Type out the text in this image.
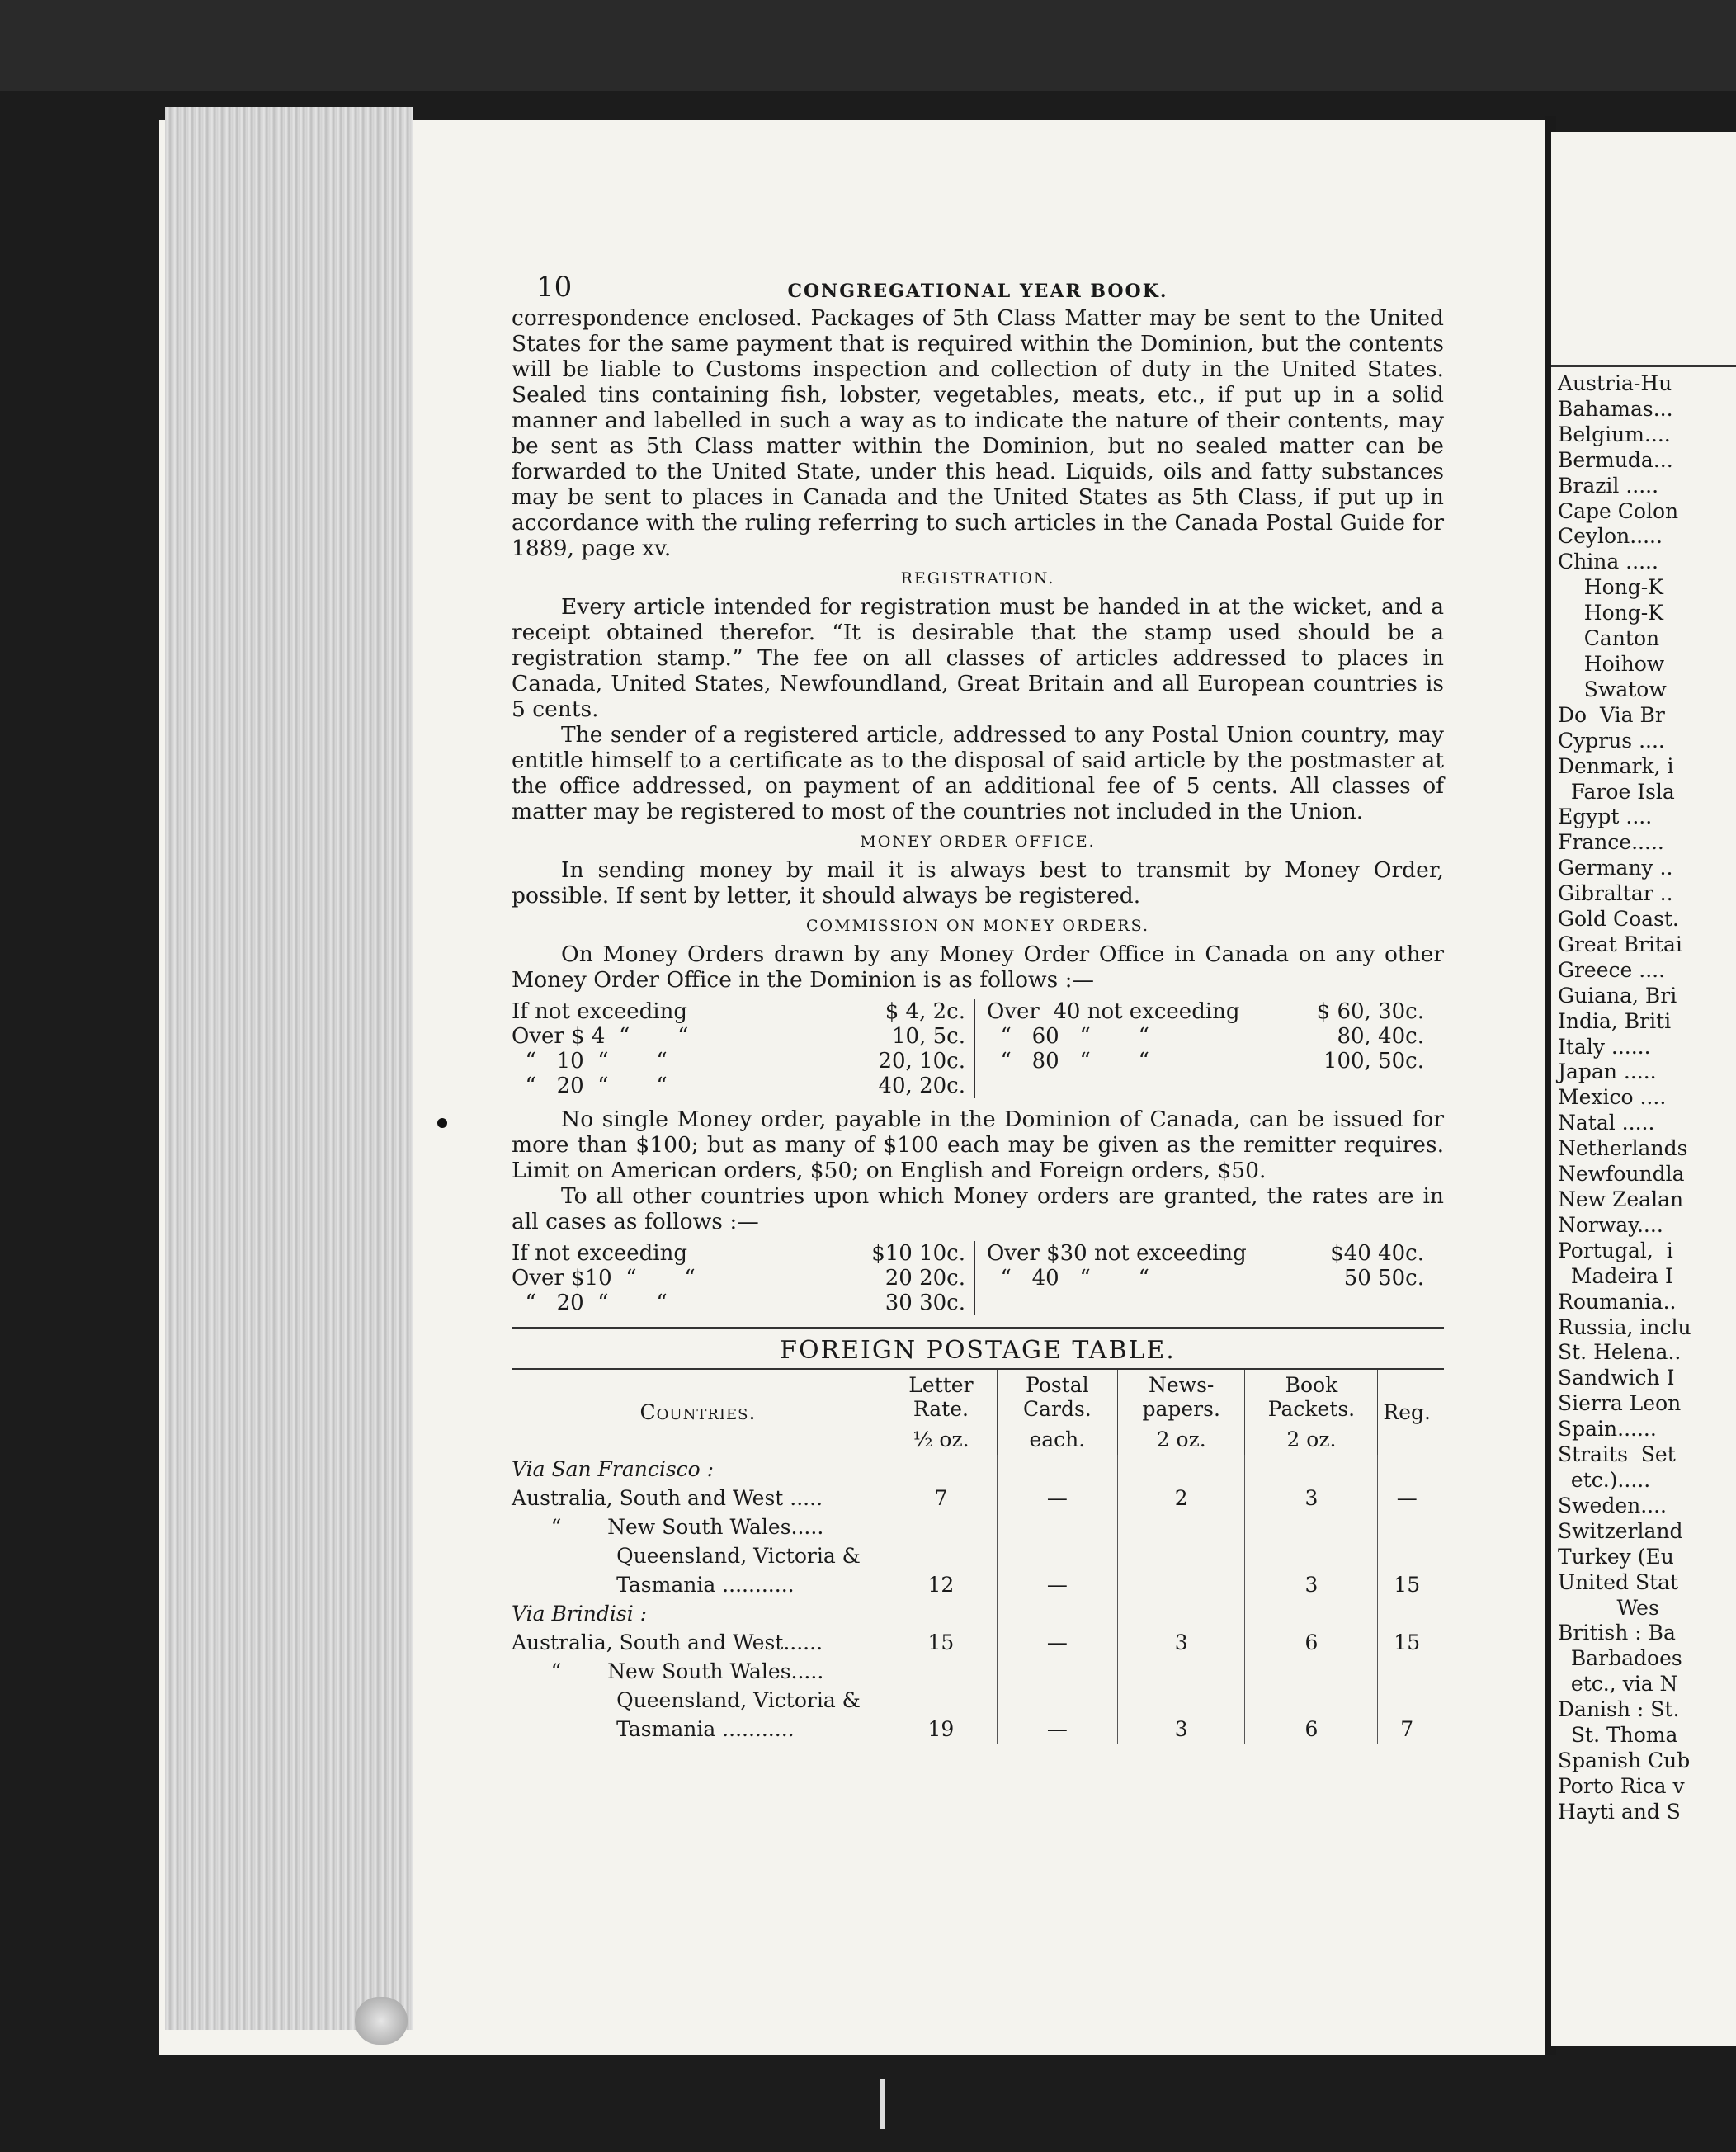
Austria-Hu
Bahamas...
Belgium....
Bermuda...
Brazil .....
Cape Colon
Ceylon.....
China .....
Hong-K
Hong-K
Canton
Hoihow
Swatow
Do  Via Br
Cyprus ....
Denmark, i
Faroe Isla
Egypt ....
France.....
Germany ..
Gibraltar ..
Gold Coast.
Great Britai
Greece ....
Guiana, Bri
India, Briti
Italy ......
Japan .....
Mexico ....
Natal .....
Netherlands
Newfoundla
New Zealan
Norway....
Portugal,  i
Madeira I
Roumania..
Russia, inclu
St. Helena..
Sandwich I
Sierra Leon
Spain......
Straits  Set
etc.).....
Sweden....
Switzerland
Turkey (Eu
United Stat
Wes
British : Ba
Barbadoes
etc., via N
Danish : St.
St. Thoma
Spanish Cub
Porto Rica v
Hayti and S
10	CONGREGATIONAL YEAR BOOK.

correspondence enclosed. Packages of 5th Class Matter may be sent to the United States for the same payment that is required within the Dominion, but the contents will be liable to Customs inspection and collection of duty in the United States. Sealed tins containing fish, lobster, vegetables, meats, etc., if put up in a solid manner and labelled in such a way as to indicate the nature of their contents, may be sent as 5th Class matter within the Dominion, but no sealed matter can be forwarded to the United State, under this head. Liquids, oils and fatty substances may be sent to places in Canada and the United States as 5th Class, if put up in accordance with the ruling referring to such articles in the Canada Postal Guide for 1889, page xv.

REGISTRATION.

Every article intended for registration must be handed in at the wicket, and a receipt obtained therefor. “It is desirable that the stamp used should be a registration stamp.” The fee on all classes of articles addressed to places in Canada, United States, Newfoundland, Great Britain and all European countries is 5 cents.

The sender of a registered article, addressed to any Postal Union country, may entitle himself to a certificate as to the disposal of said article by the postmaster at the office addressed, on payment of an additional fee of 5 cents. All classes of matter may be registered to most of the countries not included in the Union.

MONEY ORDER OFFICE.

In sending money by mail it is always best to transmit by Money Order, possible. If sent by letter, it should always be registered.

COMMISSION ON MONEY ORDERS.

On Money Orders drawn by any Money Order Office in Canada on any other Money Order Office in the Dominion is as follows :—

If not exceeding	$ 4, 2c.
Over $ 4  “       “	10, 5c.
“   10  “       “	20, 10c.
“   20  “       “	40, 20c.
Over  40 not exceeding	$ 60, 30c.
“   60   “       “	80, 40c.
“   80   “       “	100, 50c.

No single Money order, payable in the Dominion of Canada, can be issued for more than $100; but as many of $100 each may be given as the remitter requires. Limit on American orders, $50; on English and Foreign orders, $50.

To all other countries upon which Money orders are granted, the rates are in all cases as follows :—

If not exceeding	$10 10c.
Over $10  “       “	20 20c.
“   20  “       “	30 30c.
Over $30 not exceeding	$40 40c.
“   40   “       “	50 50c.
FOREIGN POSTAGE TABLE.
Countries.	Letter Rate.	Postal Cards.	News-papers.	Book Packets.	Reg.
	½ oz.	each.	2 oz.	2 oz.	
Via San Francisco :					
Australia, South and West .....	7	—	2	3	—
“       New South Wales.....					
Queensland, Victoria &					
Tasmania ...........	12	—		3	15
Via Brindisi :					
Australia, South and West......	15	—	3	6	15
“       New South Wales.....					
Queensland, Victoria &					
Tasmania ...........	19	—	3	6	7
